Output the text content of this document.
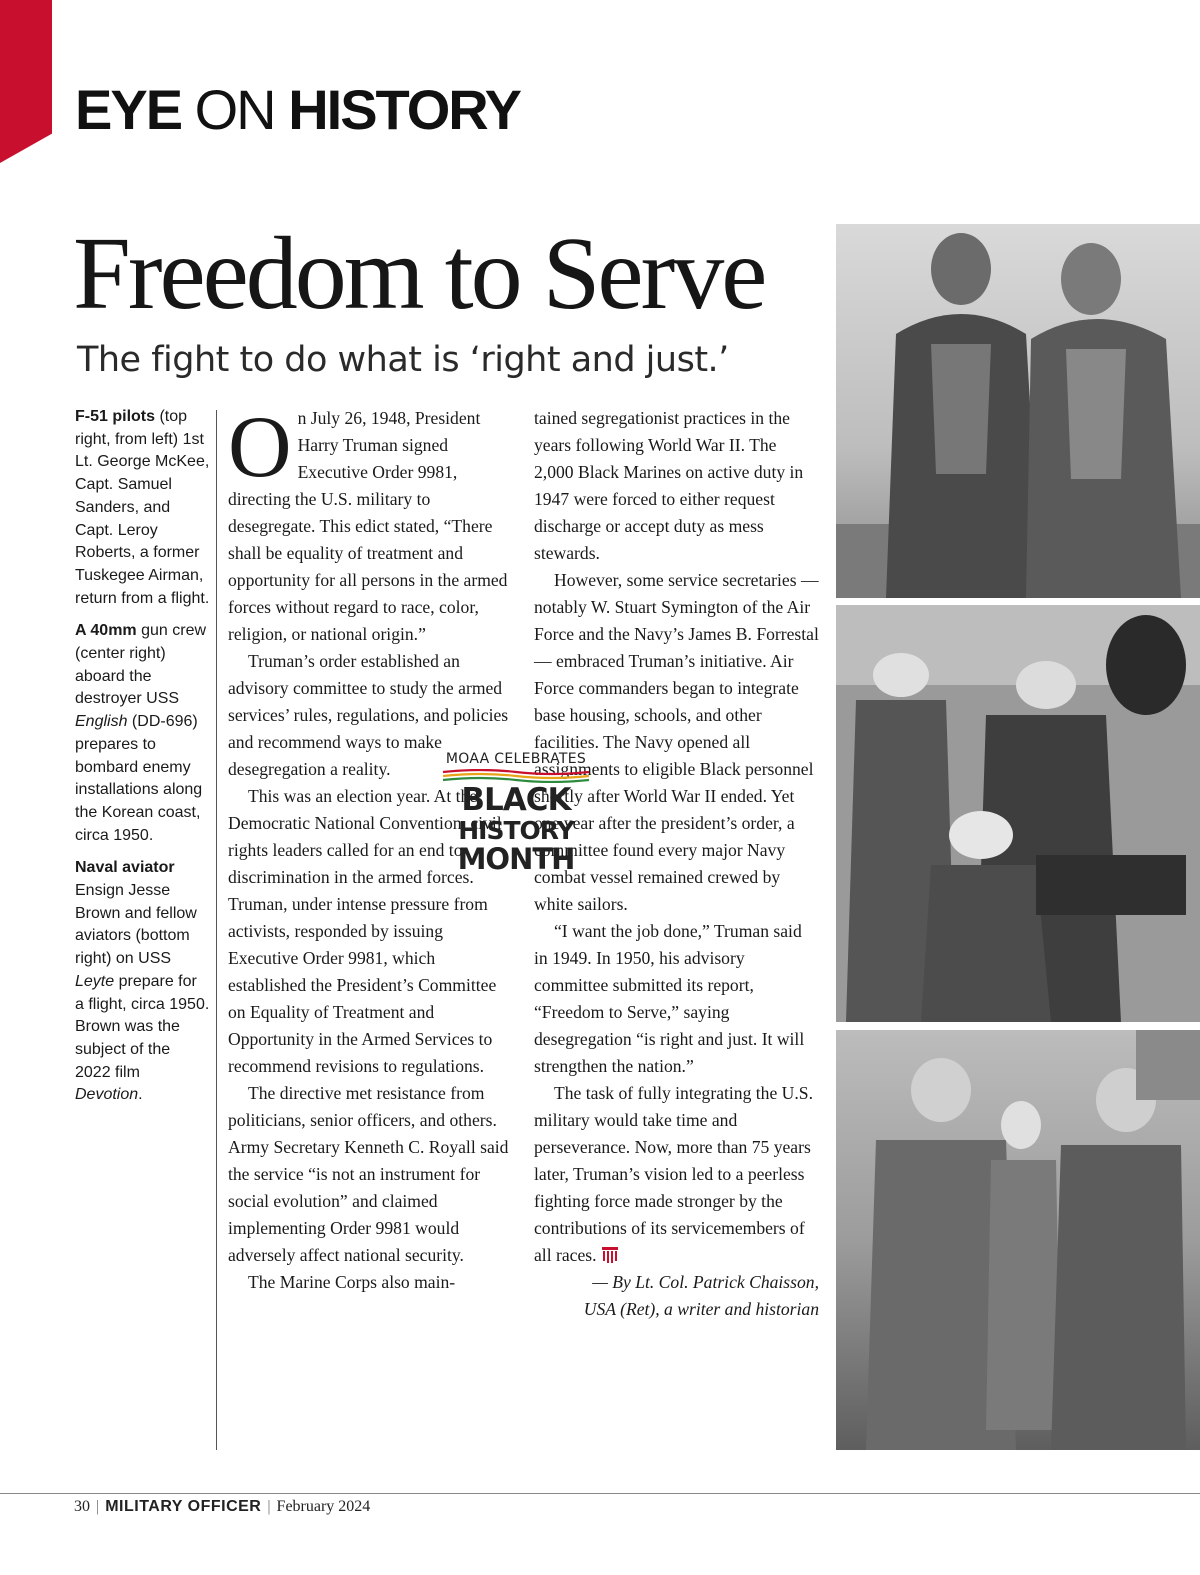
EYE ON HISTORY
Freedom to Serve

The fight to do what is ‘right and just.’

F-51 pilots (top right, from left) 1st Lt. George McKee, Capt. Samuel Sanders, and Capt. Leroy Roberts, a former Tuskegee Airman, return from a flight.

A 40mm gun crew (center right) aboard the destroyer USS English (DD-696) prepares to bombard enemy installations along the Korean coast, circa 1950.

Naval aviator Ensign Jesse Brown and fellow aviators (bottom right) on USS Leyte prepare for a flight, circa 1950. Brown was the subject of the 2022 film Devotion.

On July 26, 1948, President Harry Truman signed Executive Order 9981, directing the U.S. military to desegregate. This edict stated, “There shall be equality of treatment and opportunity for all persons in the armed forces without regard to race, color, religion, or national origin.”

Truman’s order established an advisory committee to study the armed services’ rules, regulations, and policies and recommend ways to make desegregation a reality.

This was an election year. At the Democratic National Convention, civil rights leaders called for an end to discrimination in the armed forces. Truman, under intense pressure from activists, responded by issuing Executive Order 9981, which established the President’s Committee on Equality of Treatment and Opportunity in the Armed Services to recommend revisions to regulations.

The directive met resistance from politicians, senior officers, and others. Army Secretary Kenneth C. Royall said the service “is not an instrument for social evolution” and claimed implementing Order 9981 would adversely affect national security.

The Marine Corps also main-

tained segregationist practices in the years following World War II. The 2,000 Black Marines on active duty in 1947 were forced to either request discharge or accept duty as mess stewards.

However, some service secretaries — notably W. Stuart Symington of the Air Force and the Navy’s James B. Forrestal — embraced Truman’s initiative. Air Force commanders began to integrate base housing, schools, and other facilities. The Navy opened all assignments to eligible Black personnel shortly after World War II ended. Yet one year after the president’s order, a committee found every major Navy combat vessel remained crewed by white sailors.

“I want the job done,” Truman said in 1949. In 1950, his advisory committee submitted its report, “Freedom to Serve,” saying desegregation “is right and just. It will strengthen the nation.”

The task of fully integrating the U.S. military would take time and perseverance. Now, more than 75 years later, Truman’s vision led to a peerless fighting force made stronger by the contributions of its servicemembers of all races.

— By Lt. Col. Patrick Chaisson,
USA (Ret), a writer and historian

MOAA CELEBRATES
BLACK
HISTORY
MONTH
30 | MILITARY OFFICER | February 2024
